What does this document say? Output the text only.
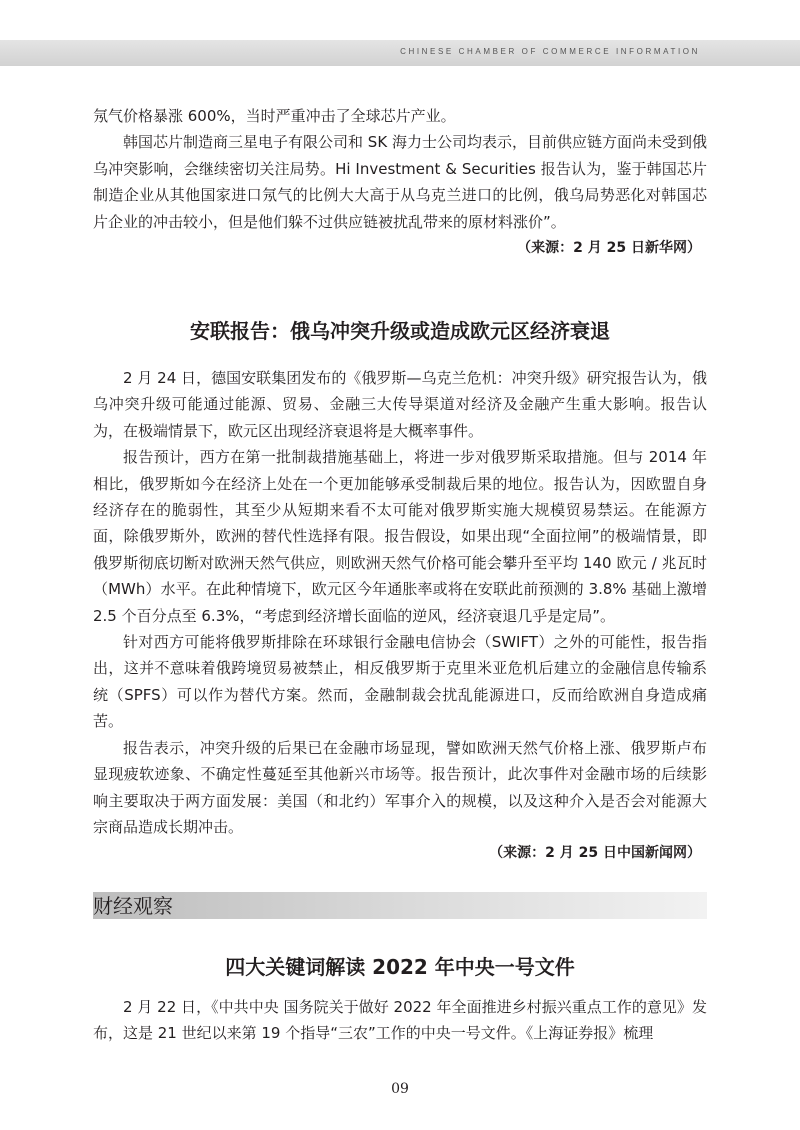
CHINESE CHAMBER OF COMMERCE INFORMATION

氖气价格暴涨 600%，当时严重冲击了全球芯片产业。

韩国芯片制造商三星电子有限公司和 SK 海力士公司均表示，目前供应链方面尚未受到俄乌冲突影响，会继续密切关注局势。Hi Investment & Securities 报告认为，鉴于韩国芯片制造企业从其他国家进口氖气的比例大大高于从乌克兰进口的比例，俄乌局势恶化对韩国芯片企业的冲击较小，但是他们躲不过供应链被扰乱带来的原材料涨价”。

（来源：2 月 25 日新华网）

安联报告：俄乌冲突升级或造成欧元区经济衰退

2 月 24 日，德国安联集团发布的《俄罗斯—乌克兰危机：冲突升级》研究报告认为，俄乌冲突升级可能通过能源、贸易、金融三大传导渠道对经济及金融产生重大影响。报告认为，在极端情景下，欧元区出现经济衰退将是大概率事件。

报告预计，西方在第一批制裁措施基础上，将进一步对俄罗斯采取措施。但与 2014 年相比，俄罗斯如今在经济上处在一个更加能够承受制裁后果的地位。报告认为，因欧盟自身经济存在的脆弱性，其至少从短期来看不太可能对俄罗斯实施大规模贸易禁运。在能源方面，除俄罗斯外，欧洲的替代性选择有限。报告假设，如果出现“全面拉闸”的极端情景，即俄罗斯彻底切断对欧洲天然气供应，则欧洲天然气价格可能会攀升至平均 140 欧元 / 兆瓦时（MWh）水平。在此种情境下，欧元区今年通胀率或将在安联此前预测的 3.8% 基础上激增 2.5 个百分点至 6.3%，“考虑到经济增长面临的逆风，经济衰退几乎是定局”。

针对西方可能将俄罗斯排除在环球银行金融电信协会（SWIFT）之外的可能性，报告指出，这并不意味着俄跨境贸易被禁止，相反俄罗斯于克里米亚危机后建立的金融信息传输系统（SPFS）可以作为替代方案。然而，金融制裁会扰乱能源进口，反而给欧洲自身造成痛苦。

报告表示，冲突升级的后果已在金融市场显现，譬如欧洲天然气价格上涨、俄罗斯卢布显现疲软迹象、不确定性蔓延至其他新兴市场等。报告预计，此次事件对金融市场的后续影响主要取决于两方面发展：美国（和北约）军事介入的规模，以及这种介入是否会对能源大宗商品造成长期冲击。

（来源：2 月 25 日中国新闻网）

财经观察
四大关键词解读 2022 年中央一号文件

2 月 22 日，《中共中央 国务院关于做好 2022 年全面推进乡村振兴重点工作的意见》发布，这是 21 世纪以来第 19 个指导“三农”工作的中央一号文件。《上海证券报》梳理

09
